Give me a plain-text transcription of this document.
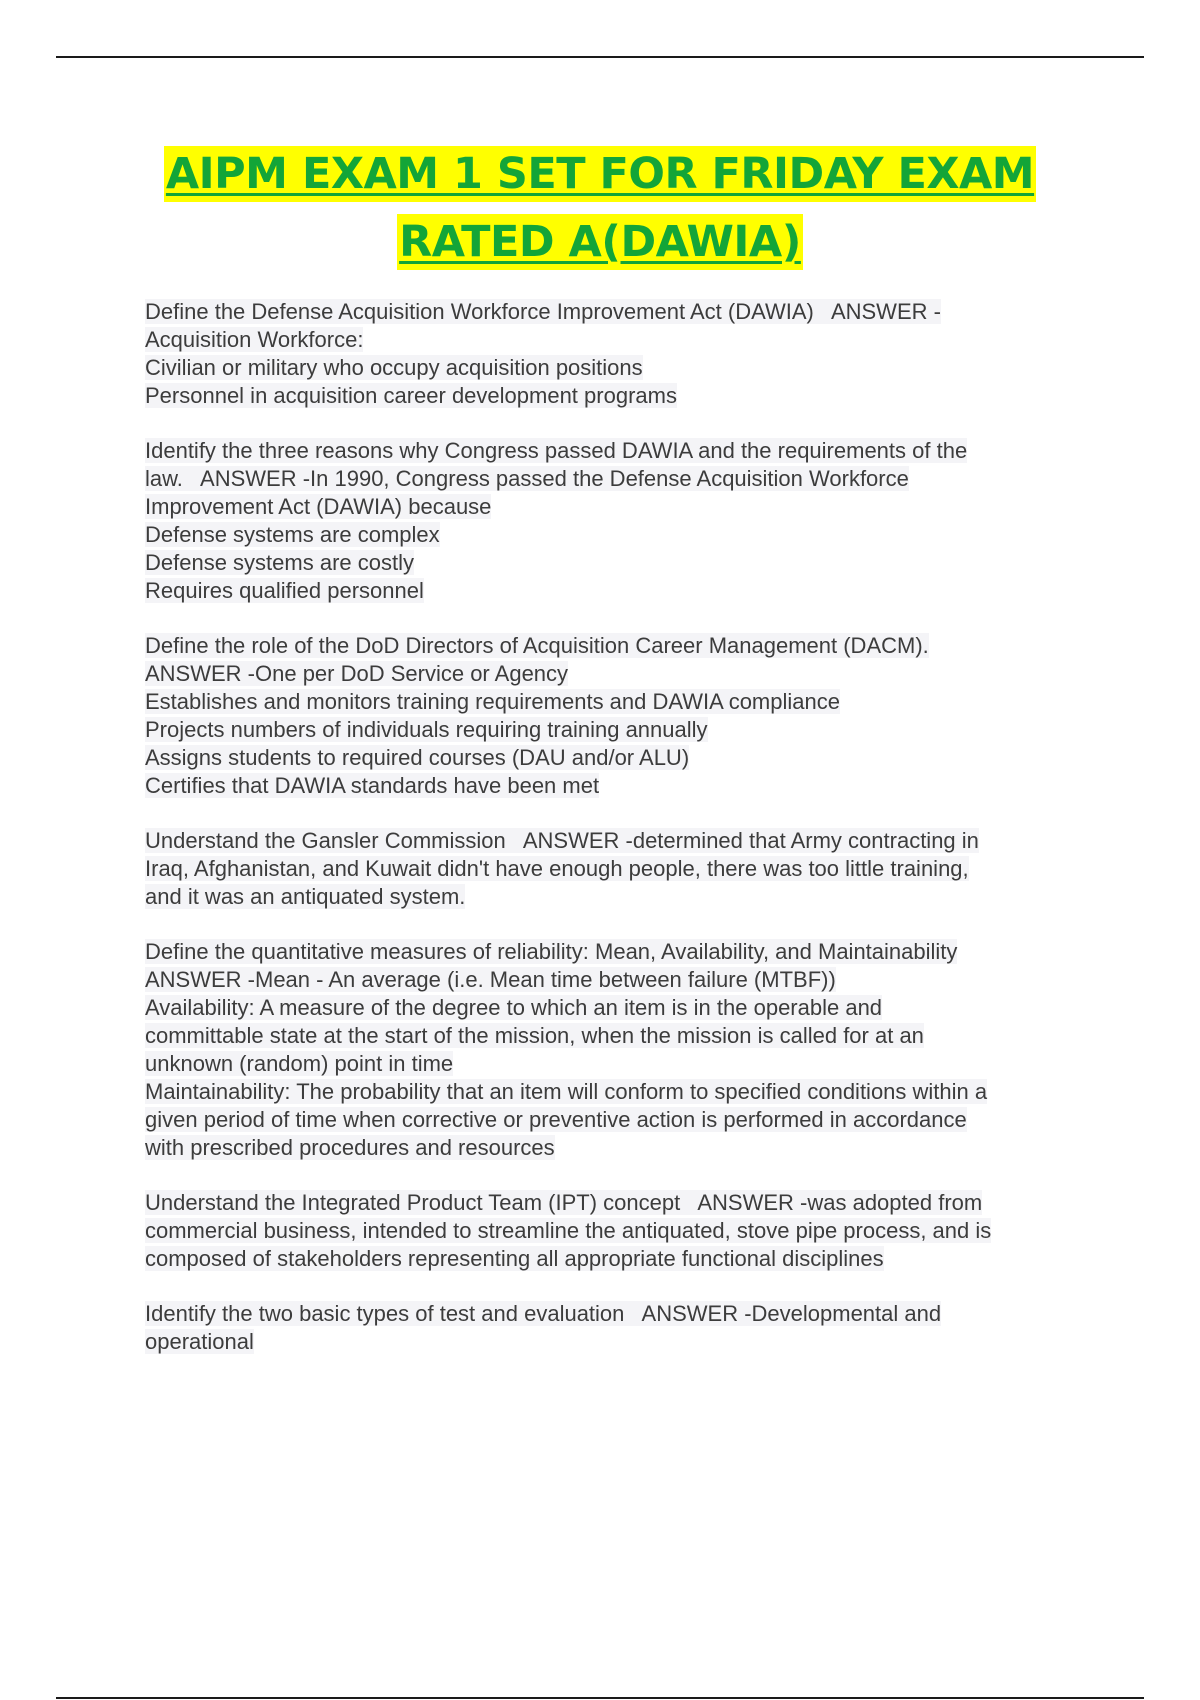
AIPM EXAM 1 SET FOR FRIDAY EXAM
RATED A(DAWIA)
Define the Defense Acquisition Workforce Improvement Act (DAWIA)   ANSWER -
Acquisition Workforce:
Civilian or military who occupy acquisition positions
Personnel in acquisition career development programs
Identify the three reasons why Congress passed DAWIA and the requirements of the
law.   ANSWER -In 1990, Congress passed the Defense Acquisition Workforce
Improvement Act (DAWIA) because
Defense systems are complex
Defense systems are costly
Requires qualified personnel
Define the role of the DoD Directors of Acquisition Career Management (DACM).
ANSWER -One per DoD Service or Agency
Establishes and monitors training requirements and DAWIA compliance
Projects numbers of individuals requiring training annually
Assigns students to required courses (DAU and/or ALU)
Certifies that DAWIA standards have been met
Understand the Gansler Commission   ANSWER -determined that Army contracting in
Iraq, Afghanistan, and Kuwait didn't have enough people, there was too little training,
and it was an antiquated system.
Define the quantitative measures of reliability: Mean, Availability, and Maintainability
ANSWER -Mean - An average (i.e. Mean time between failure (MTBF))
Availability: A measure of the degree to which an item is in the operable and
committable state at the start of the mission, when the mission is called for at an
unknown (random) point in time
Maintainability: The probability that an item will conform to specified conditions within a
given period of time when corrective or preventive action is performed in accordance
with prescribed procedures and resources
Understand the Integrated Product Team (IPT) concept   ANSWER -was adopted from
commercial business, intended to streamline the antiquated, stove pipe process, and is
composed of stakeholders representing all appropriate functional disciplines
Identify the two basic types of test and evaluation   ANSWER -Developmental and
operational
